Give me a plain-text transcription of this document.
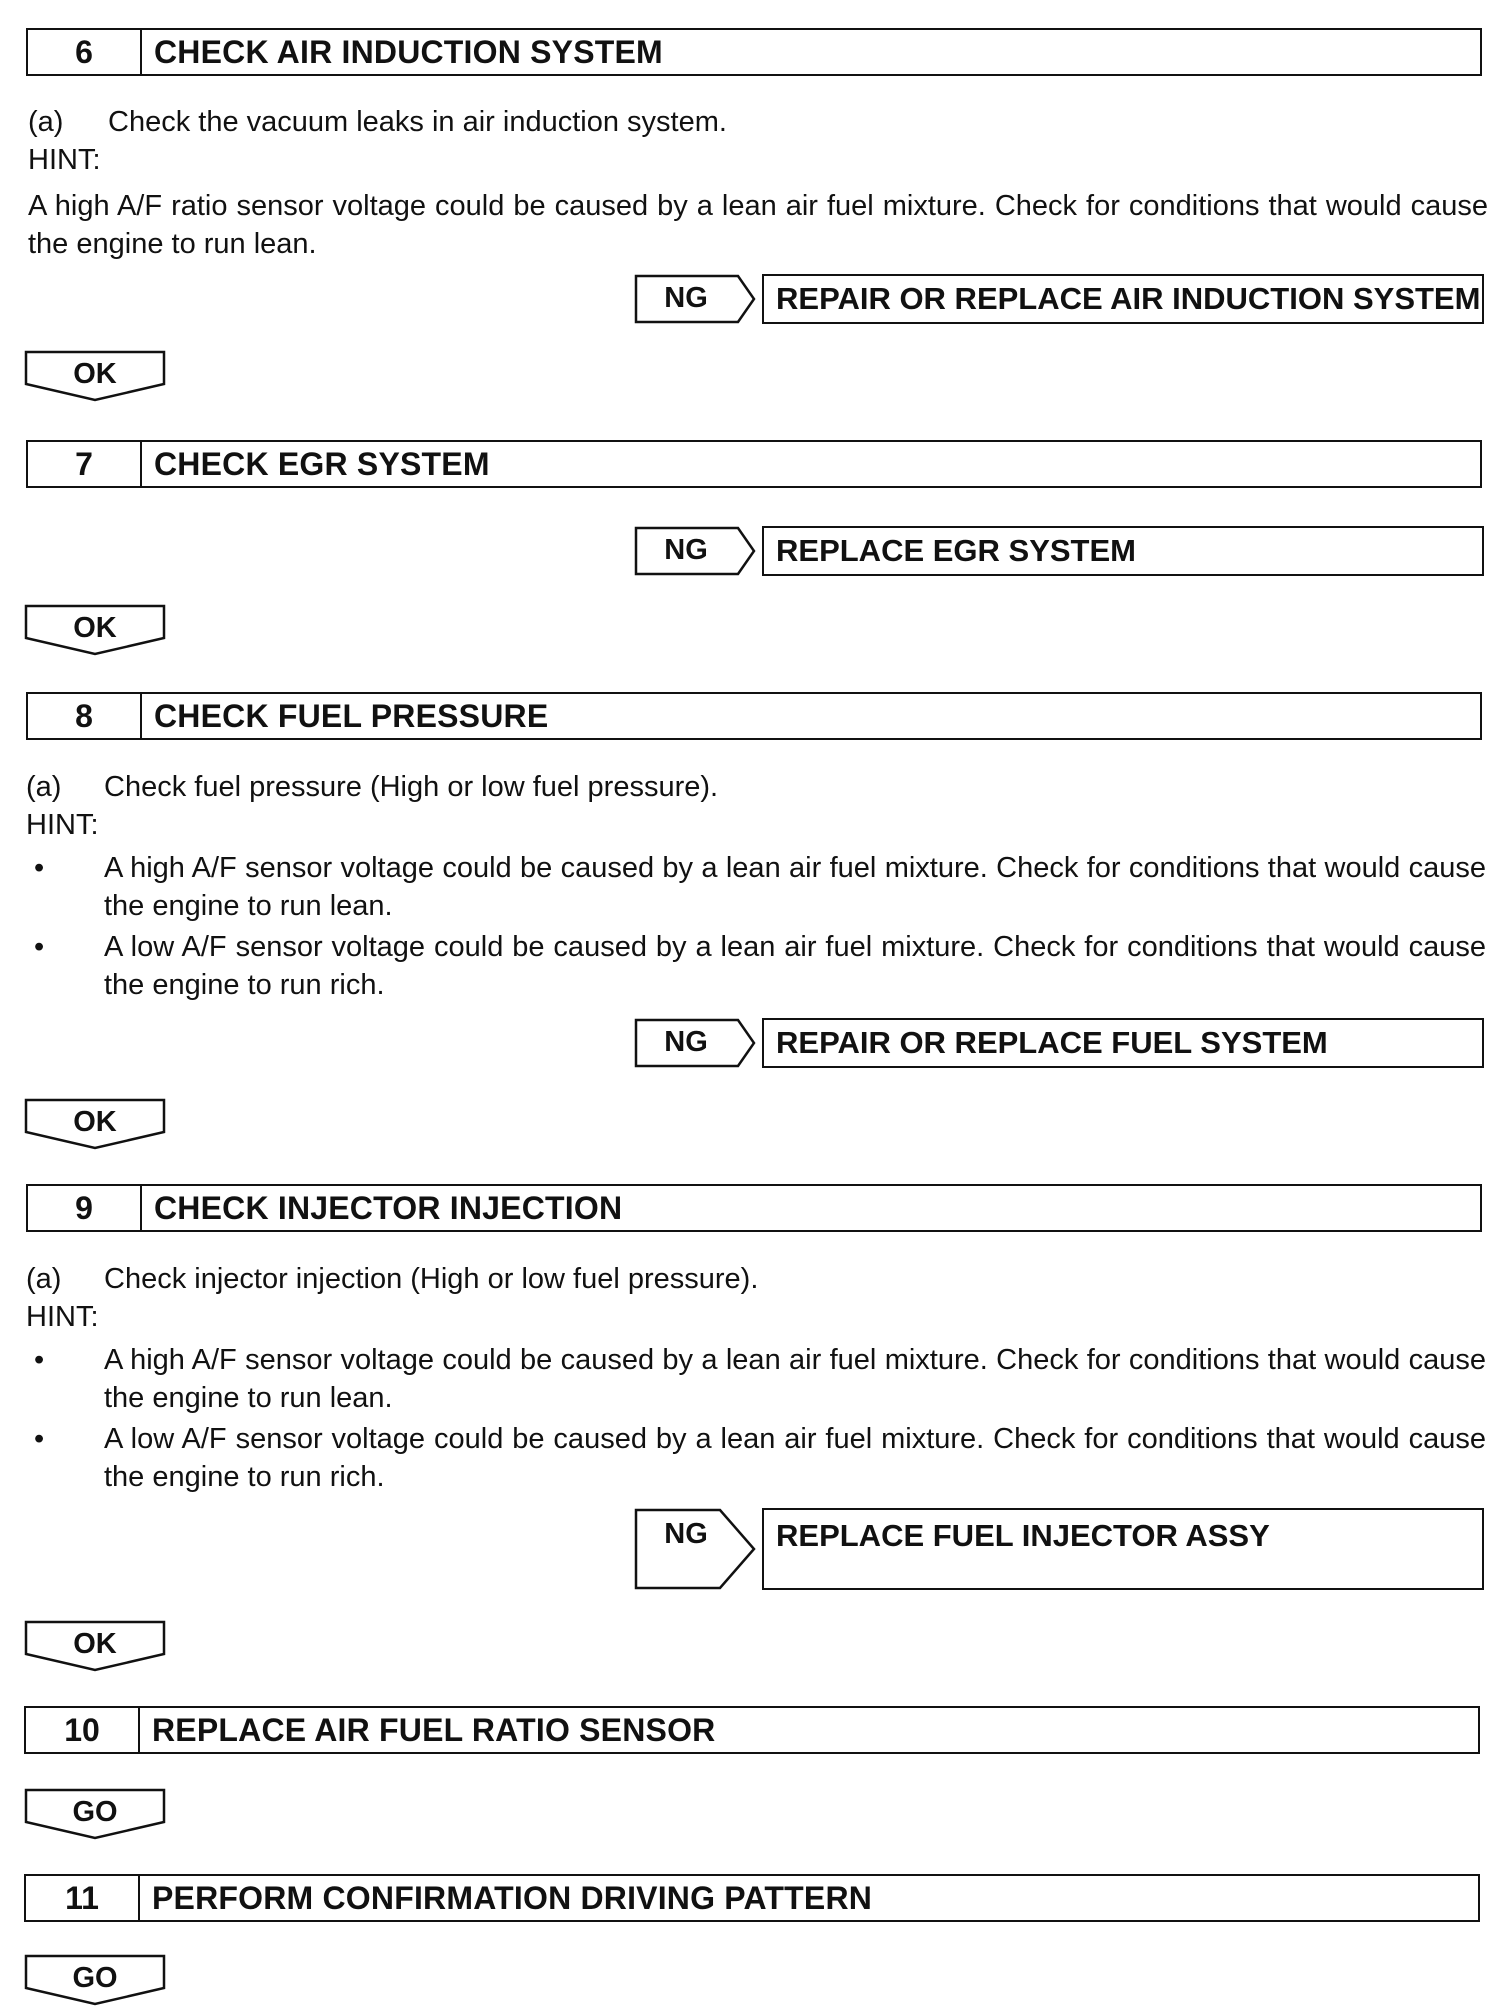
6	CHECK AIR INDUCTION SYSTEM
(a) Check the vacuum leaks in air induction system.
HINT:
A high A/F ratio sensor voltage could be caused by a lean air fuel mixture. Check for conditions that would cause the engine to run lean.
NG	REPAIR OR REPLACE AIR INDUCTION SYSTEM
OK
7	CHECK EGR SYSTEM
NG	REPLACE EGR SYSTEM
OK
8	CHECK FUEL PRESSURE
(a) Check fuel pressure (High or low fuel pressure).
HINT:
• A high A/F sensor voltage could be caused by a lean air fuel mixture. Check for conditions that would cause the engine to run lean.
• A low A/F sensor voltage could be caused by a lean air fuel mixture. Check for conditions that would cause the engine to run rich.
NG	REPAIR OR REPLACE FUEL SYSTEM
OK
9	CHECK INJECTOR INJECTION
(a) Check injector injection (High or low fuel pressure).
HINT:
• A high A/F sensor voltage could be caused by a lean air fuel mixture. Check for conditions that would cause the engine to run lean.
• A low A/F sensor voltage could be caused by a lean air fuel mixture. Check for conditions that would cause the engine to run rich.
NG	REPLACE FUEL INJECTOR ASSY
OK
10	REPLACE AIR FUEL RATIO SENSOR
GO
11	PERFORM CONFIRMATION DRIVING PATTERN
GO
